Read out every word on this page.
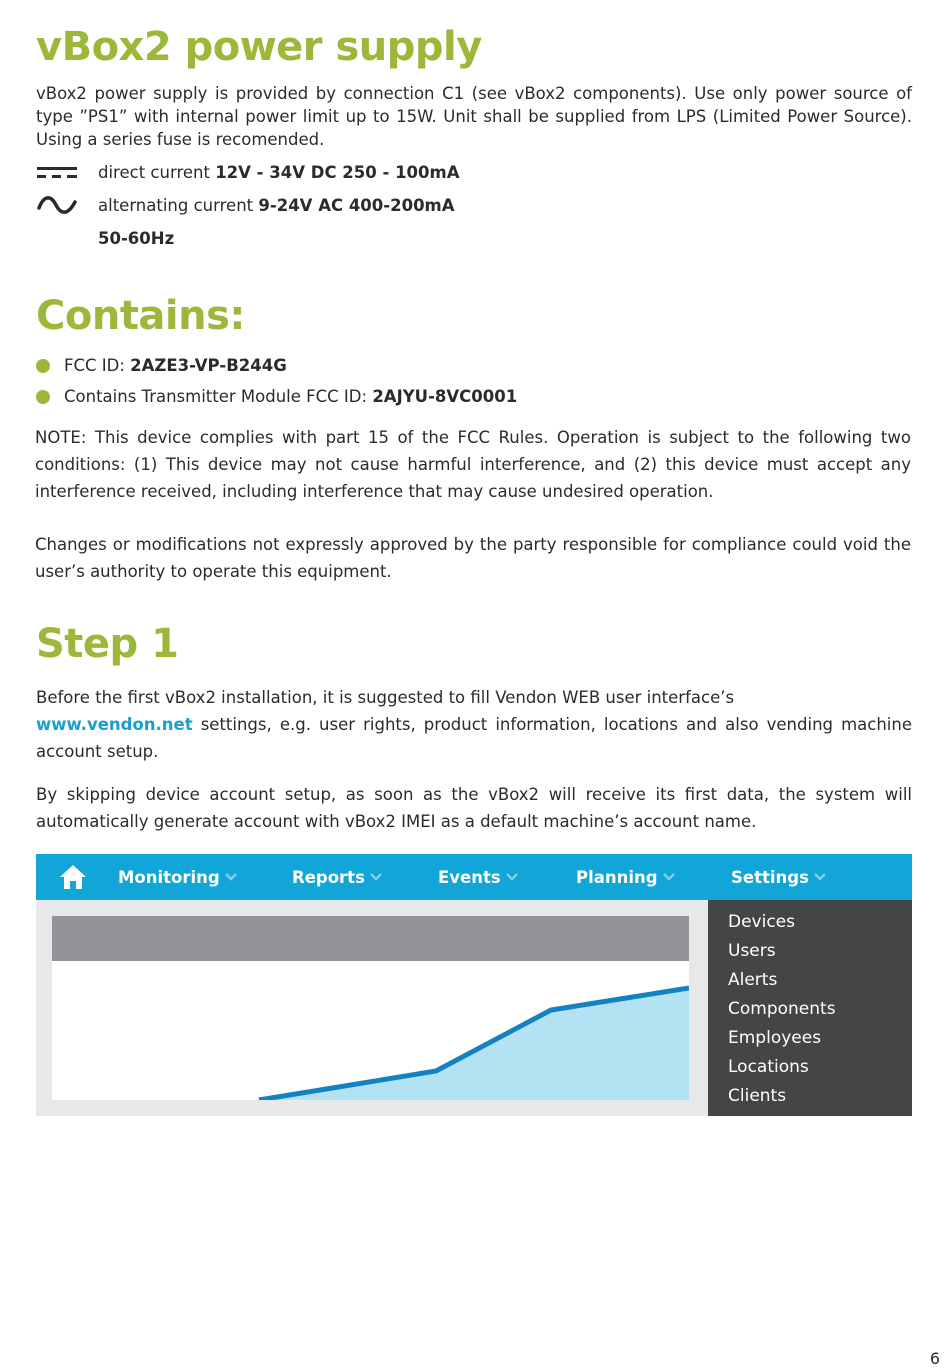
vBox2 power supply

vBox2 power supply is provided by connection C1 (see vBox2 components). Use only power source of type ”PS1” with internal power limit up to 15W. Unit shall be supplied from LPS (Limited Power Source). Using a series fuse is recomended.

direct current
12V - 34V DC 250 - 100mA
alternating current
9-24V AC 400-200mA
50-60Hz
Contains:
FCC ID:
2AZE3-VP-B244G
Contains Transmitter Module FCC ID:
2AJYU-8VC0001

NOTE: This device complies with part 15 of the FCC Rules. Operation is subject to the following two conditions: (1) This device may not cause harmful interference, and (2) this device must accept any interference received, including interference that may cause undesired operation.

Changes or modifications not expressly approved by the party responsible for compliance could void the user’s authority to operate this equipment.

Step 1

Before the first vBox2 installation, it is suggested to fill Vendon WEB user interface’s
www.vendon.net settings, e.g. user rights, product information, locations and also vending machine account setup.

By skipping device account setup, as soon as the vBox2 will receive its first data, the system will automatically generate account with vBox2 IMEI as a default machine’s account name.

Monitoring	Reports	Events	Planning	Settings
Devices
Users
Alerts
Components
Employees
Locations
Clients
6
